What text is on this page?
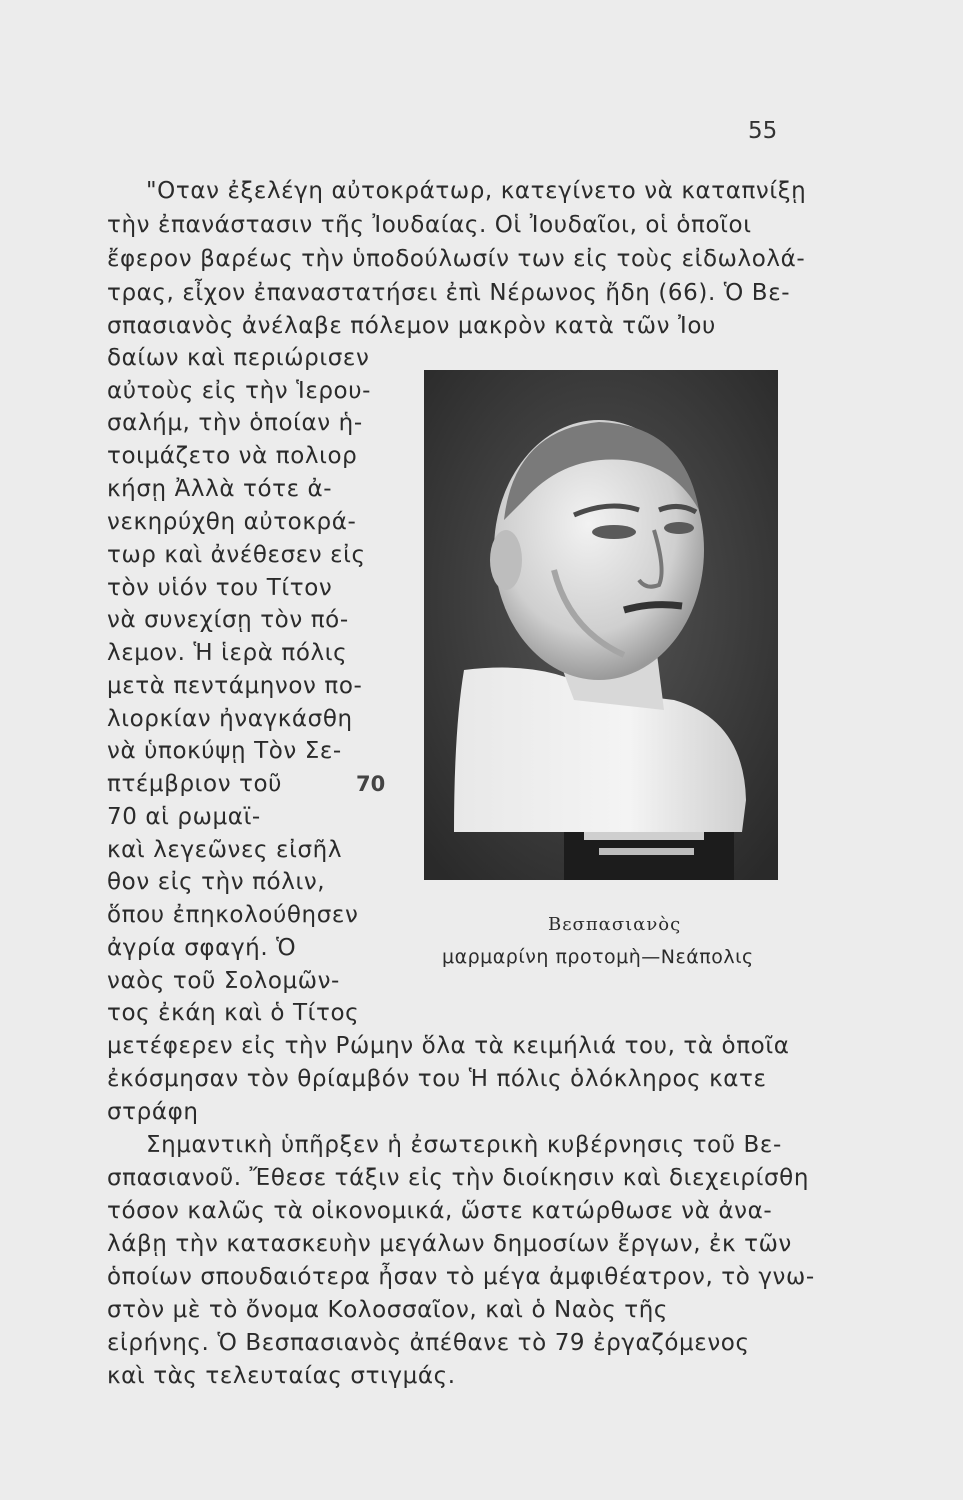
55
"Οταν ἐξελέγη αὐτοκράτωρ, κατεγίνετο νὰ καταπνίξῃ
τὴν ἐπανάστασιν τῆς Ἰουδαίας. Οἱ Ἰουδαῖοι, οἱ ὁποῖοι
ἔφερον βαρέως τὴν ὑποδούλωσίν των εἰς τοὺς εἰδωλολά-
τρας, εἶχον ἐπαναστατήσει ἐπὶ Νέρωνος ἤδη (66). Ὁ Βε-
σπασιανὸς ἀνέλαβε πόλεμον μακρὸν κατὰ τῶν Ἰου
δαίων καὶ περιώρισεν
αὐτοὺς εἰς τὴν Ἱερου-
σαλήμ, τὴν ὁποίαν ἡ-
τοιμάζετο νὰ πολιορ
κήσῃ Ἀλλὰ τότε ἀ-
νεκηρύχθη αὐτοκρά-
τωρ καὶ ἀνέθεσεν εἰς
τὸν υἱόν του Τίτον
νὰ συνεχίσῃ τὸν πό-
λεμον. Ἡ ἱερὰ πόλις
μετὰ πεντάμηνον πο-
λιορκίαν ἠναγκάσθη
νὰ ὑποκύψῃ Τὸν Σε-
πτέμβριον τοῦ
70 αἱ ρωμαϊ-
καὶ λεγεῶνες εἰσῆλ
θον εἰς τὴν πόλιν,
ὅπου ἐπηκολούθησεν
ἀγρία σφαγή. Ὁ
ναὸς τοῦ Σολομῶν-
τος ἐκάη καὶ ὁ Τίτος
μετέφερεν εἰς τὴν Ρώμην ὅλα τὰ κειμήλιά του, τὰ ὁποῖα
ἐκόσμησαν τὸν θρίαμβόν του Ἡ πόλις ὁλόκληρος κατε
στράφη
Σημαντικὴ ὑπῆρξεν ἡ ἐσωτερικὴ κυβέρνησις τοῦ Βε-
σπασιανοῦ. Ἔθεσε τάξιν εἰς τὴν διοίκησιν καὶ διεχειρίσθη
τόσον καλῶς τὰ οἰκονομικά, ὥστε κατώρθωσε νὰ ἀνα-
λάβῃ τὴν κατασκευὴν μεγάλων δημοσίων ἔργων, ἐκ τῶν
ὁποίων σπουδαιότερα ἦσαν τὸ μέγα ἀμφιθέατρον, τὸ γνω-
στὸν μὲ τὸ ὄνομα Κολοσσαῖον, καὶ ὁ Ναὸς τῆς
εἰρήνης. Ὁ Βεσπασιανὸς ἀπέθανε τὸ 79 ἐργαζόμενος
καὶ τὰς τελευταίας στιγμάς.
70
Βεσπασιανὸς
μαρμαρίνη προτομὴ—Νεάπολις
